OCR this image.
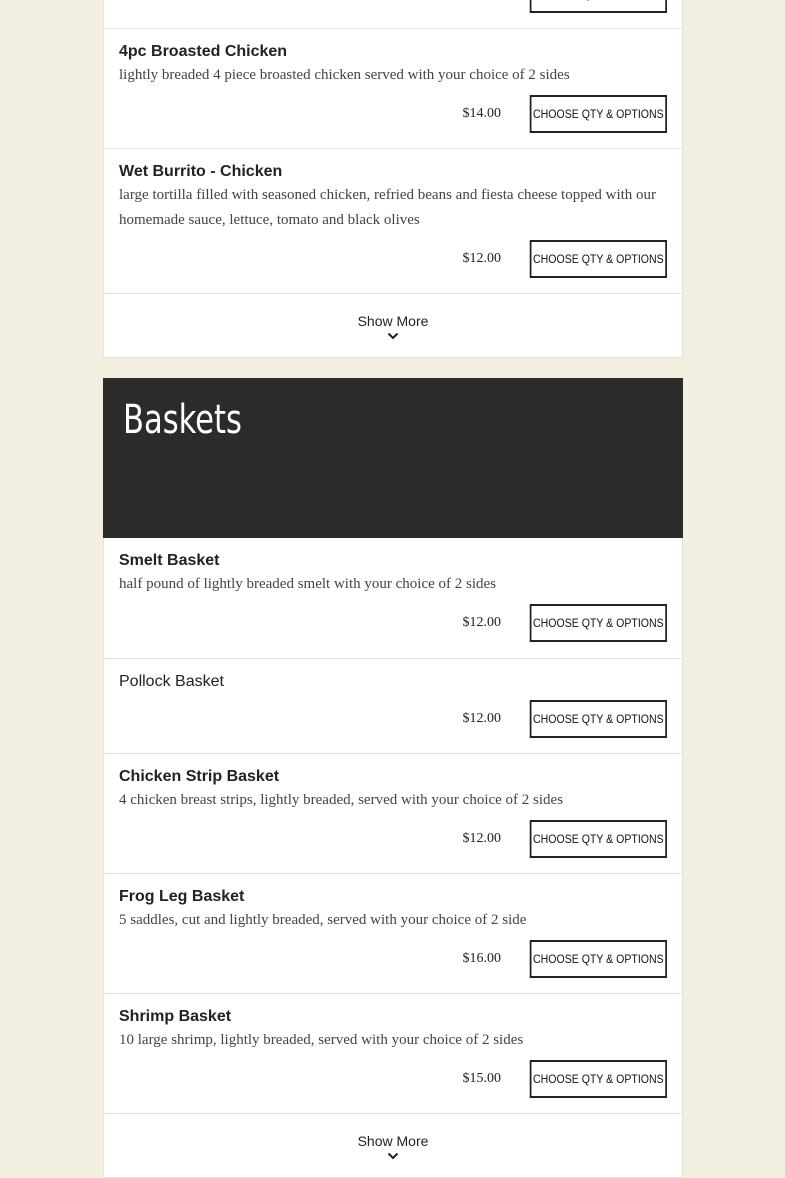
4pc Broasted Chicken
lightly breaded 4 piece broasted chicken served with your choice of 2 sides
$14.00	CHOOSE QTY & OPTIONS
Wet Burrito - Chicken
large tortilla filled with seasoned chicken, refried beans and fiesta cheese topped with our homemade sauce, lettuce, tomato and black olives
$12.00	CHOOSE QTY & OPTIONS
Show More
Baskets
Smelt Basket
half pound of lightly breaded smelt with your choice of 2 sides
$12.00	CHOOSE QTY & OPTIONS
Pollock Basket
$12.00	CHOOSE QTY & OPTIONS
Chicken Strip Basket
4 chicken breast strips, lightly breaded, served with your choice of 2 sides
$12.00	CHOOSE QTY & OPTIONS
Frog Leg Basket
5 saddles, cut and lightly breaded, served with your choice of 2 side
$16.00	CHOOSE QTY & OPTIONS
Shrimp Basket
10 large shrimp, lightly breaded, served with your choice of 2 sides
$15.00	CHOOSE QTY & OPTIONS
Show More
